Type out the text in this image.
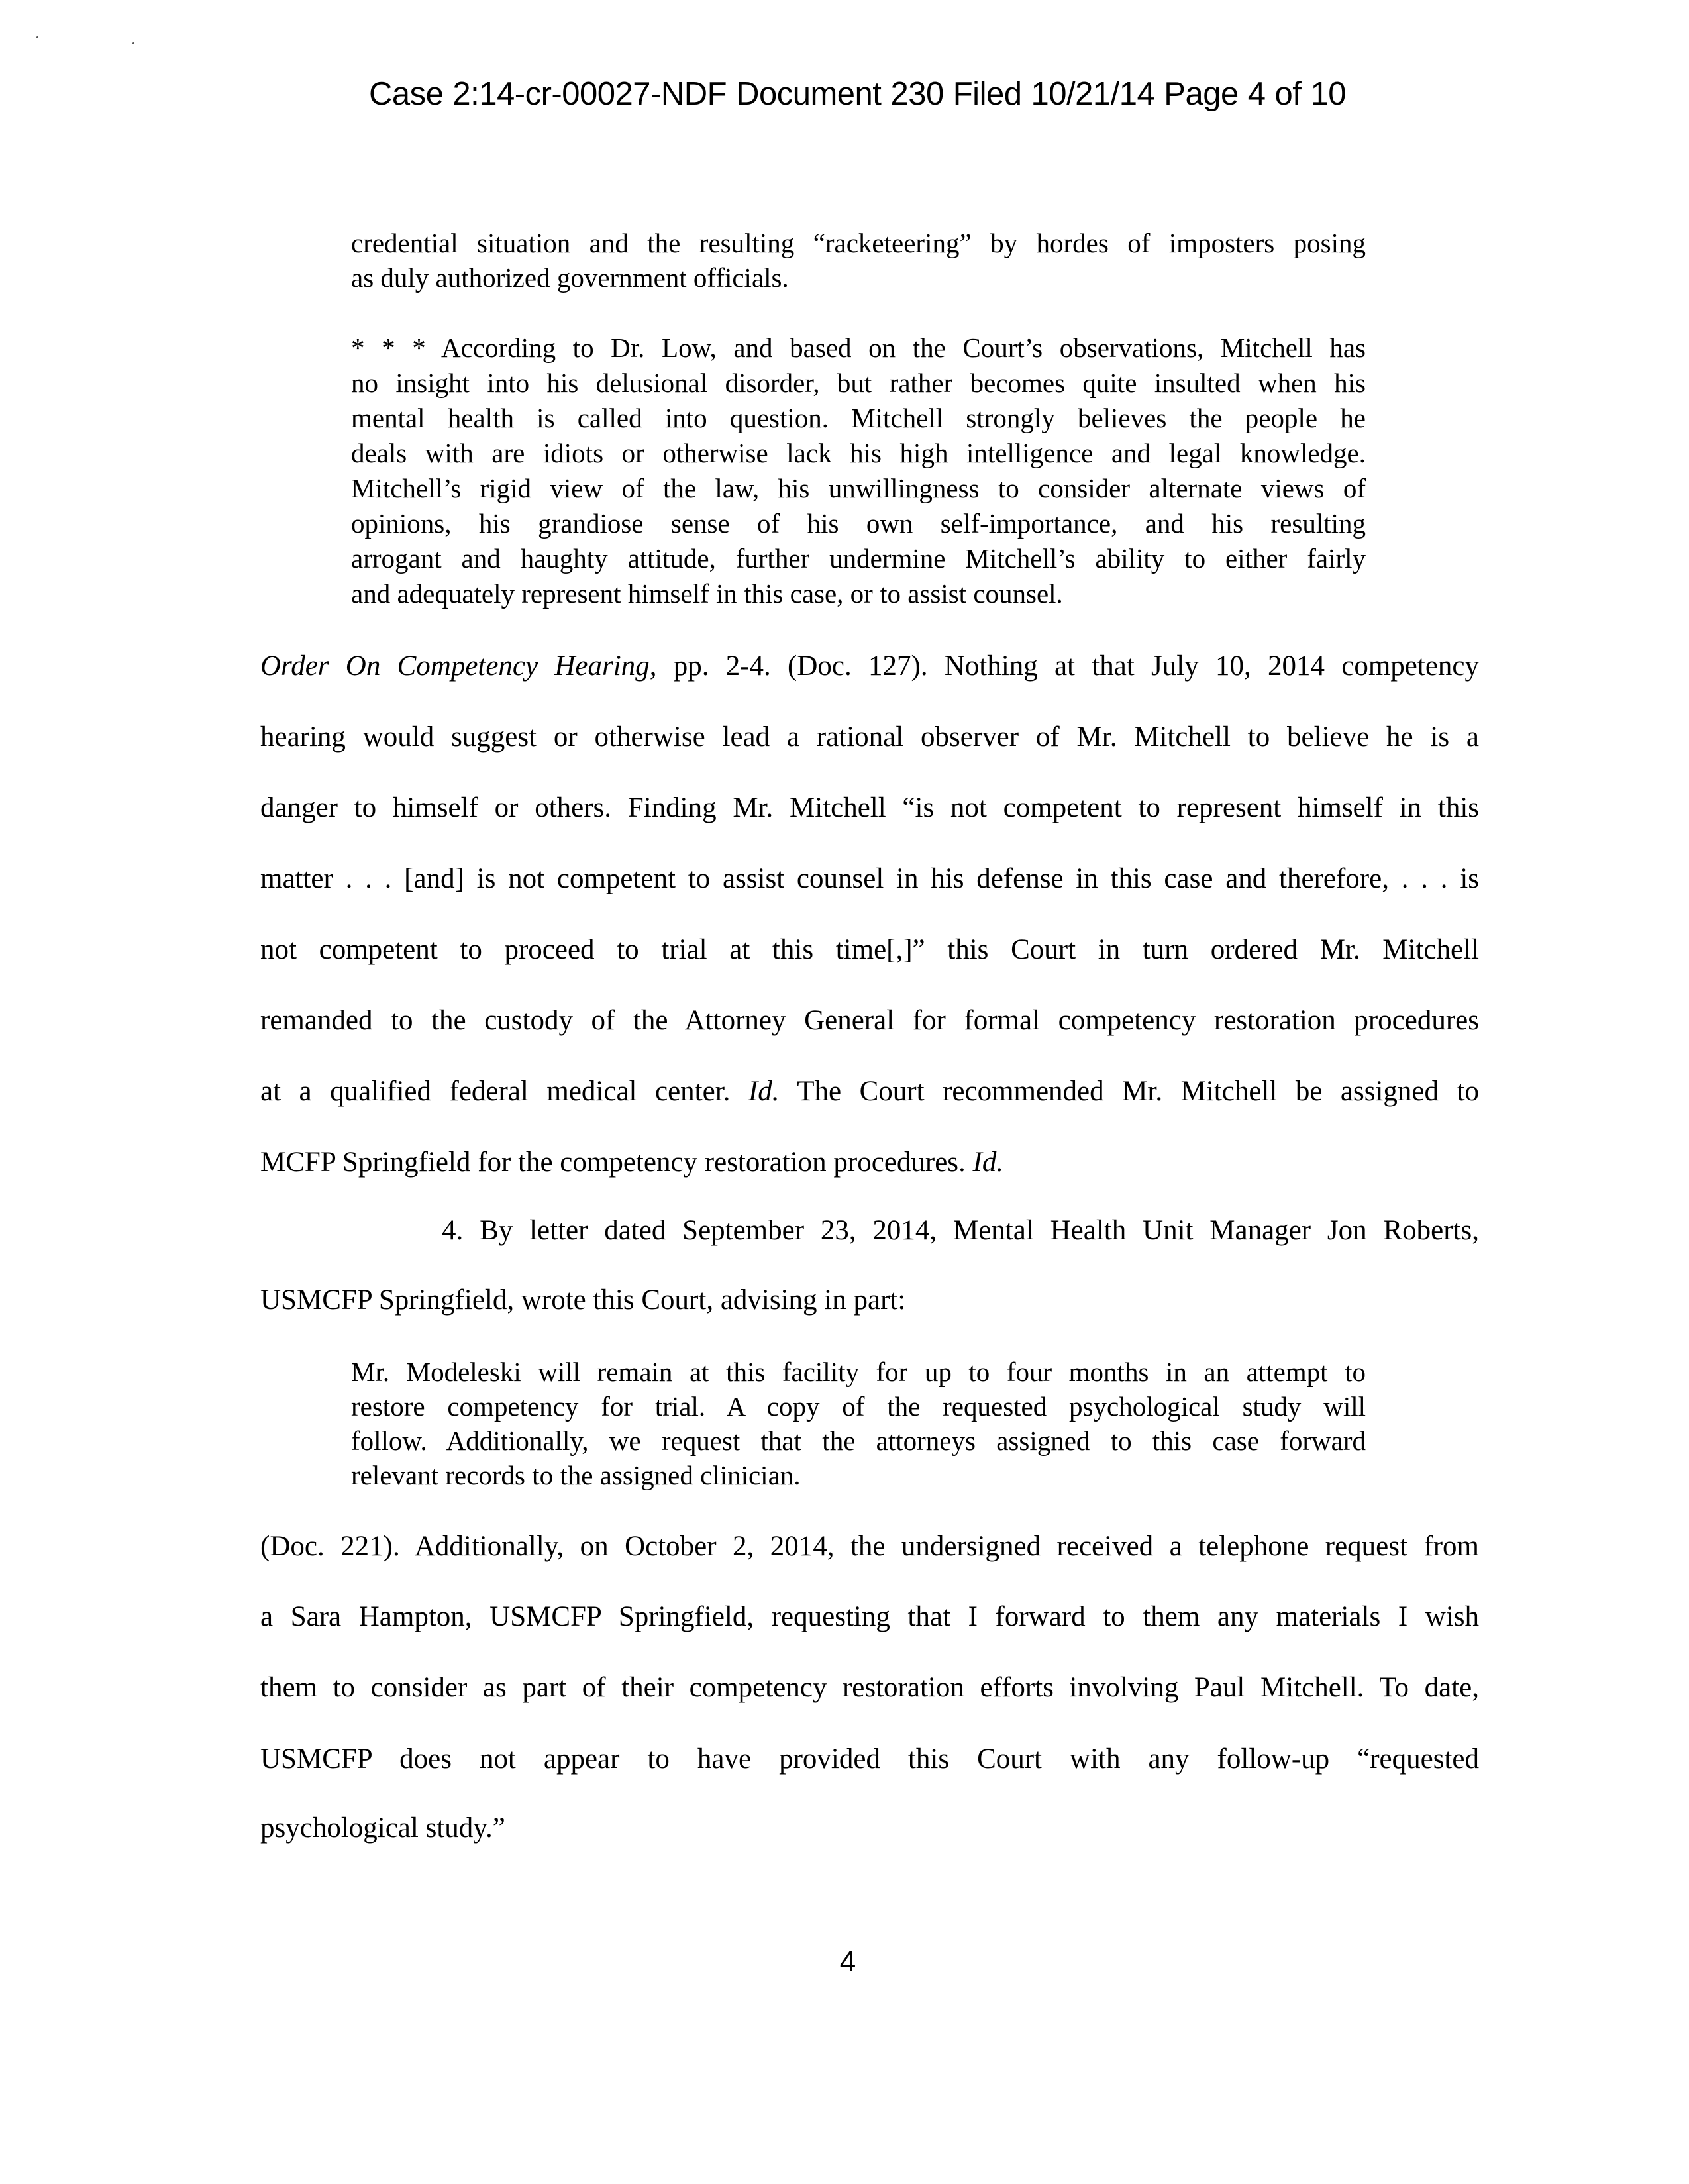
Case 2:14-cr-00027-NDF Document 230 Filed 10/21/14 Page 4 of 10
credential situation and the resulting “racketeering” by hordes of imposters posing
as duly authorized government officials.
* * * According to Dr. Low, and based on the Court’s observations, Mitchell has
no insight into his delusional disorder, but rather becomes quite insulted when his
mental health is called into question. Mitchell strongly believes the people he
deals with are idiots or otherwise lack his high intelligence and legal knowledge.
Mitchell’s rigid view of the law, his unwillingness to consider alternate views of
opinions, his grandiose sense of his own self-importance, and his resulting
arrogant and haughty attitude, further undermine Mitchell’s ability to either fairly
and adequately represent himself in this case, or to assist counsel.
Order On Competency Hearing, pp. 2-4. (Doc. 127). Nothing at that July 10, 2014 competency
hearing would suggest or otherwise lead a rational observer of Mr. Mitchell to believe he is a
danger to himself or others. Finding Mr. Mitchell “is not competent to represent himself in this
matter . . . [and] is not competent to assist counsel in his defense in this case and therefore, . . . is
not competent to proceed to trial at this time[,]” this Court in turn ordered Mr. Mitchell
remanded to the custody of the Attorney General for formal competency restoration procedures
at a qualified federal medical center. Id. The Court recommended Mr. Mitchell be assigned to
MCFP Springfield for the competency restoration procedures. Id.
4. By letter dated September 23, 2014, Mental Health Unit Manager Jon Roberts,
USMCFP Springfield, wrote this Court, advising in part:
Mr. Modeleski will remain at this facility for up to four months in an attempt to
restore competency for trial. A copy of the requested psychological study will
follow. Additionally, we request that the attorneys assigned to this case forward
relevant records to the assigned clinician.
(Doc. 221). Additionally, on October 2, 2014, the undersigned received a telephone request from
a Sara Hampton, USMCFP Springfield, requesting that I forward to them any materials I wish
them to consider as part of their competency restoration efforts involving Paul Mitchell. To date,
USMCFP does not appear to have provided this Court with any follow-up “requested
psychological study.”
4
